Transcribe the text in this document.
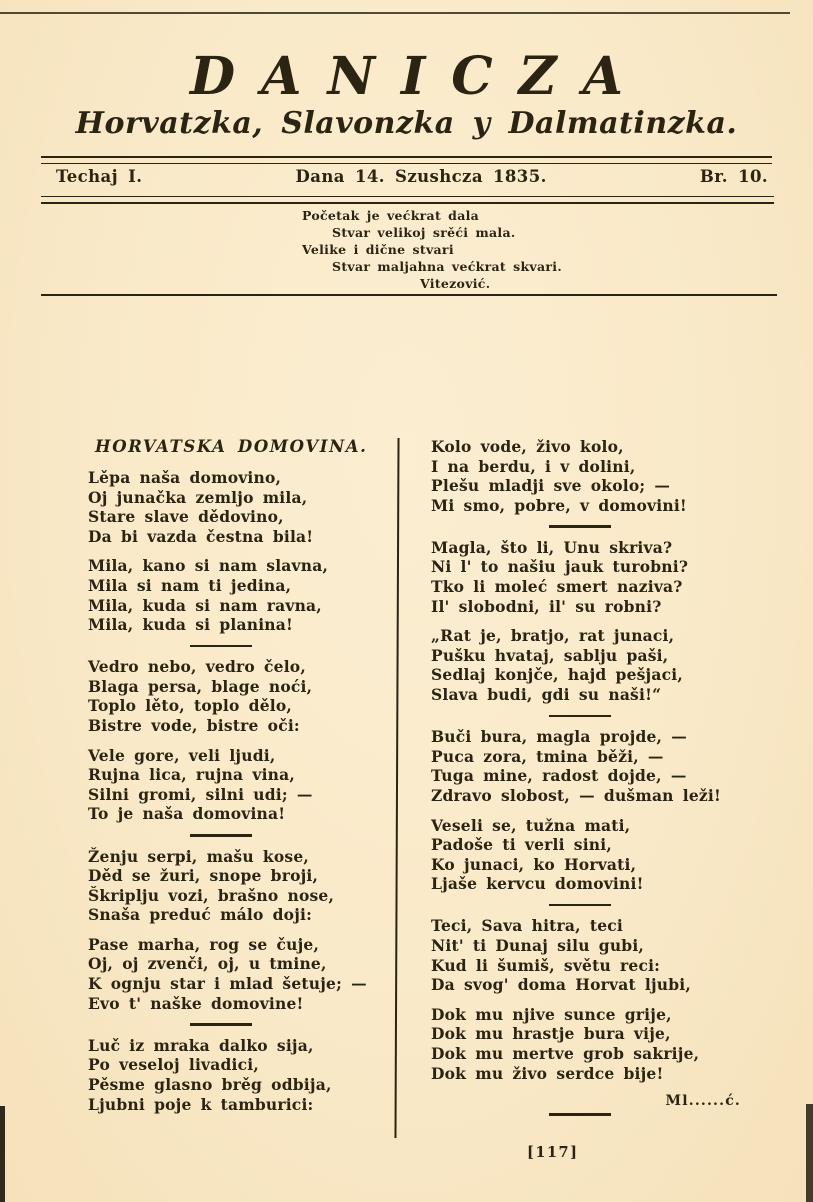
DANICZA
Horvatzka, Slavonzka y Dalmatinzka.
Techaj I.	Dana 14. Szushcza 1835.	Br. 10.
Početak je većkrat dala
Stvar velikoj srěći mala.
Velike i dične stvari
Stvar maljahna većkrat skvari.
Vitezović.
HORVATSKA DOMOVINA.
Lěpa naša domovino,
Oj junačka zemljo mila,
Stare slave dědovino,
Da bi vazda čestna bila!
Mila, kano si nam slavna,
Mila si nam ti jedina,
Mila, kuda si nam ravna,
Mila, kuda si planina!
Vedro nebo, vedro čelo,
Blaga persa, blage noći,
Toplo lěto, toplo dělo,
Bistre vode, bistre oči:
Vele gore, veli ljudi,
Rujna lica, rujna vina,
Silni gromi, silni udi; —
To je naša domovina!
Ženju serpi, mašu kose,
Děd se žuri, snope broji,
Škriplju vozi, brašno nose,
Snaša preduć málo doji:
Pase marha, rog se čuje,
Oj, oj zvenči, oj, u tmine,
K ognju star i mlad šetuje; —
Evo t' naške domovine!
Luč iz mraka dalko sija,
Po veseloj livadici,
Pěsme glasno brěg odbija,
Ljubni poje k tamburici:
Kolo vode, živo kolo,
I na berdu, i v dolini,
Plešu mladji sve okolo; —
Mi smo, pobre, v domovini!
Magla, što li, Unu skriva?
Ni l' to našiu jauk turobni?
Tko li moleć smert naziva?
Il' slobodni, il' su robni?
„Rat je, bratjo, rat junaci,
Pušku hvataj, sablju paši,
Sedlaj konjče, hajd pešjaci,
Slava budi, gdi su naši!“
Buči bura, magla projde, —
Puca zora, tmina běži, —
Tuga mine, radost dojde, —
Zdravo slobost, — dušman leži!
Veseli se, tužna mati,
Padoše ti verli sini,
Ko junaci, ko Horvati,
Ljaše kervcu domovini!
Teci, Sava hitra, teci
Nit' ti Dunaj silu gubi,
Kud li šumiš, světu reci:
Da svog' doma Horvat ljubi,
Dok mu njive sunce grije,
Dok mu hrastje bura vije,
Dok mu mertve grob sakrije,
Dok mu živo serdce bije!
Ml......ć.
[117]
